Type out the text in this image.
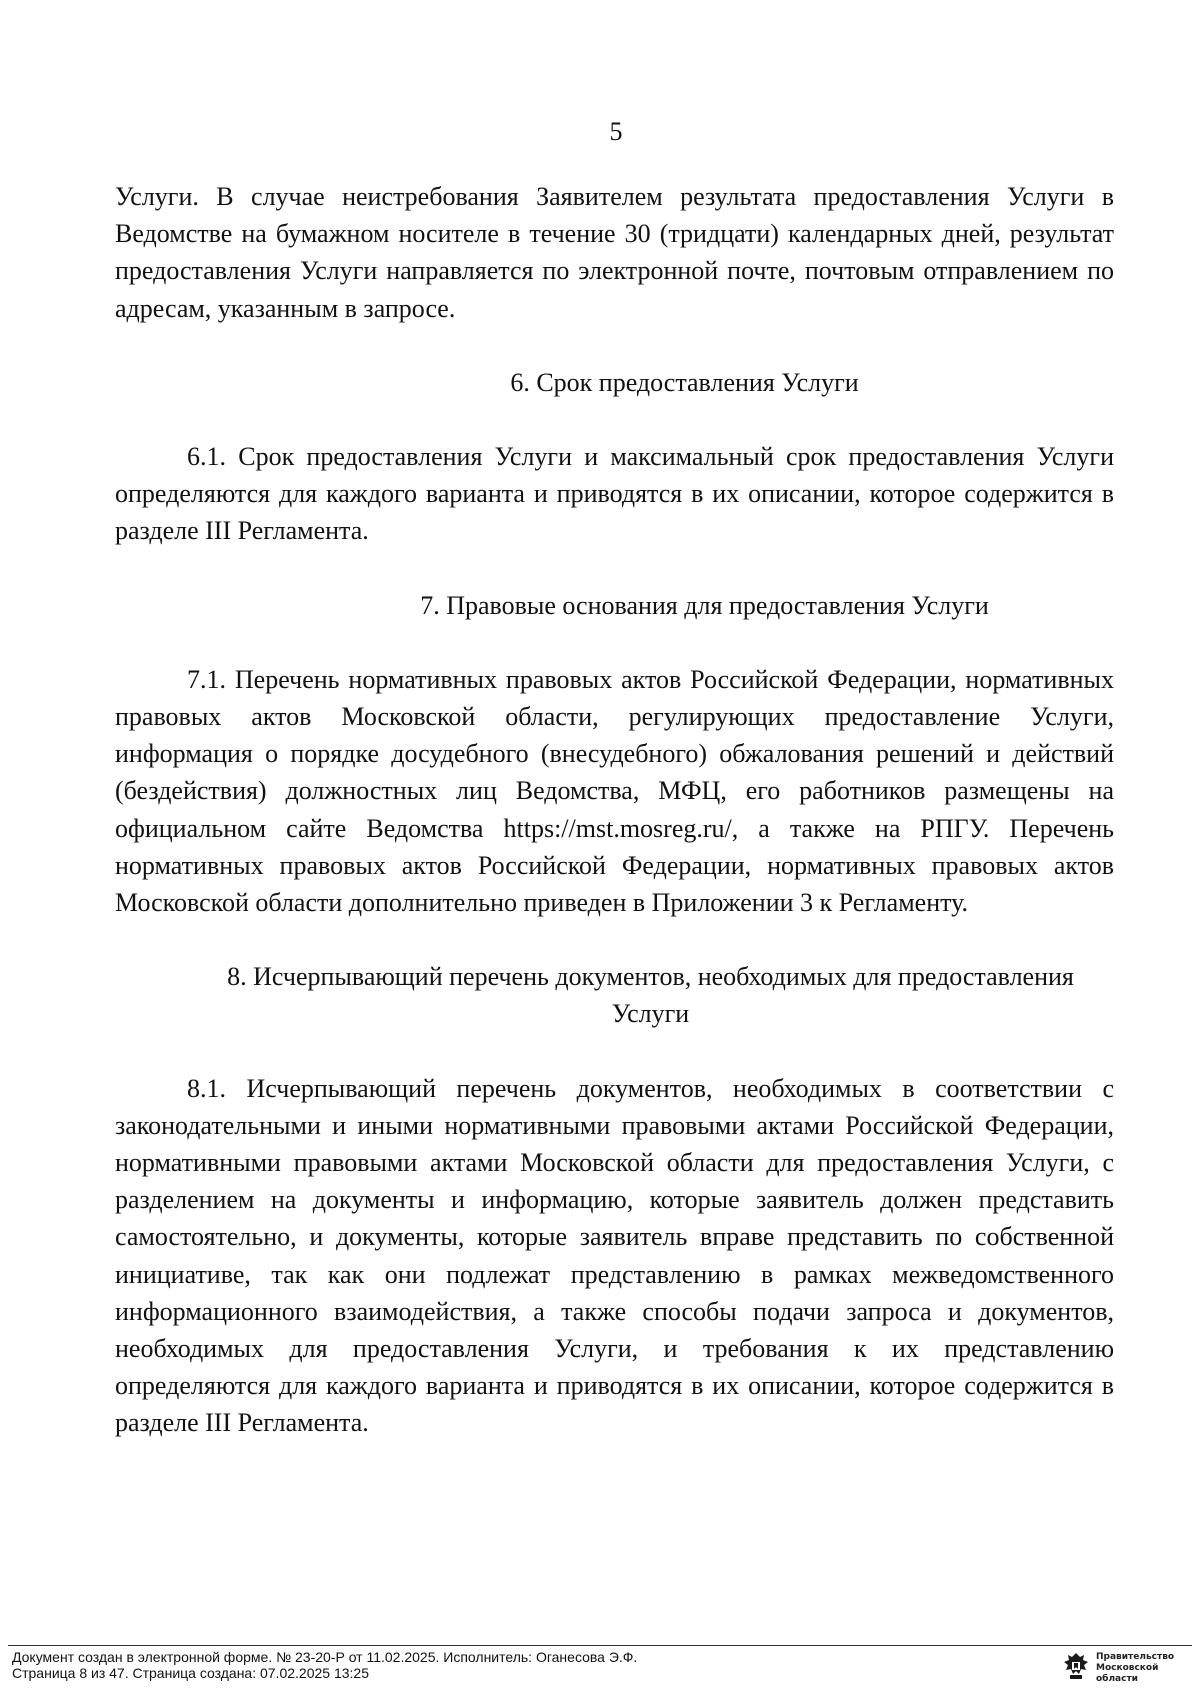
5

Услуги. В случае неистребования Заявителем результата предоставления Услуги в Ведомстве на бумажном носителе в течение 30 (тридцати) календарных дней, результат предоставления Услуги направляется по электронной почте, почтовым отправлением по адресам, указанным в запросе.

6. Срок предоставления Услуги

6.1. Срок предоставления Услуги и максимальный срок предоставления Услуги определяются для каждого варианта и приводятся в их описании, которое содержится в разделе III Регламента.

7. Правовые основания для предоставления Услуги

7.1. Перечень нормативных правовых актов Российской Федерации, нормативных правовых актов Московской области, регулирующих предоставление Услуги, информация о порядке досудебного (внесудебного) обжалования решений и действий (бездействия) должностных лиц Ведомства, МФЦ, его работников размещены на официальном сайте Ведомства https://mst.mosreg.ru/, а также на РПГУ. Перечень нормативных правовых актов Российской Федерации, нормативных правовых актов Московской области дополнительно приведен в Приложении 3 к Регламенту.

8. Исчерпывающий перечень документов, необходимых для предоставления
Услуги

8.1. Исчерпывающий перечень документов, необходимых в соответствии с законодательными и иными нормативными правовыми актами Российской Федерации, нормативными правовыми актами Московской области для предоставления Услуги, с разделением на документы и информацию, которые заявитель должен представить самостоятельно, и документы, которые заявитель вправе представить по собственной инициативе, так как они подлежат представлению в рамках межведомственного информационного взаимодействия, а также способы подачи запроса и документов, необходимых для предоставления Услуги, и требования к их представлению определяются для каждого варианта и приводятся в их описании, которое содержится в разделе III Регламента.

Документ создан в электронной форме. № 23-20-Р от 11.02.2025. Исполнитель: Оганесова Э.Ф.
Страница 8 из 47. Страница создана: 07.02.2025 13:25
Правительство
Московской области
